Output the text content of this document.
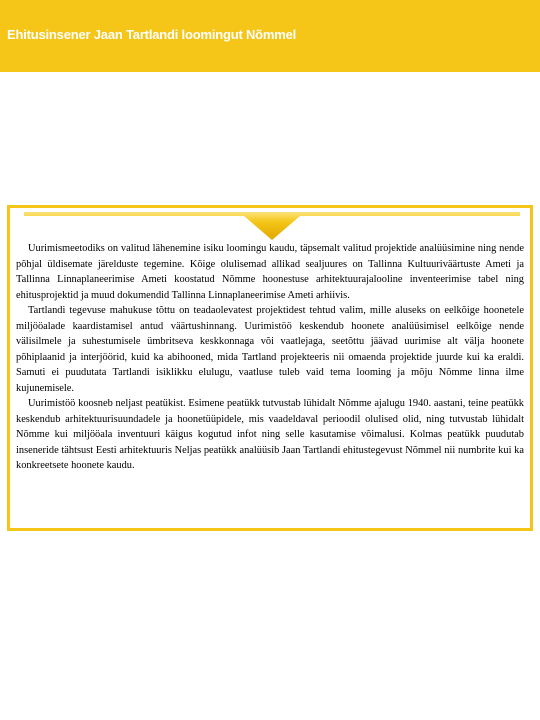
Ehitusinsener Jaan Tartlandi loomingut Nõmmel

Uurimismeetodiks on valitud lähenemine isiku loomingu kaudu, täpsemalt valitud projektide analüüsimine ning nende põhjal üldisemate järelduste tegemine. Kõige olulisemad allikad sealjuures on Tallinna Kultuuriväärtuste Ameti ja Tallinna Linnaplaneerimise Ameti koostatud Nõmme hoonestuse arhitektuurajalooline inventeerimise tabel ning ehitusprojektid ja muud dokumendid Tallinna Linnaplaneerimise Ameti arhiivis.

Tartlandi tegevuse mahukuse tõttu on teadaolevatest projektidest tehtud valim, mille aluseks on eelkõige hoonetele miljööalade kaardistamisel antud väärtushinnang. Uurimistöö keskendub hoonete analüüsimisel eelkõige nende välisilmele ja suhestumisele ümbritseva keskkonnaga või vaatlejaga, seetõttu jäävad uurimise alt välja hoonete põhiplaanid ja interjöörid, kuid ka abihooned, mida Tartland projekteeris nii omaenda projektide juurde kui ka eraldi. Samuti ei puudutata Tartlandi isiklikku elulugu, vaatluse tuleb vaid tema looming ja mõju Nõmme linna ilme kujunemisele.

Uurimistöö koosneb neljast peatükist. Esimene peatükk tutvustab lühidalt Nõmme ajalugu 1940. aastani, teine peatükk keskendub arhitektuurisuundadele ja hoonetüüpidele, mis vaadeldaval perioodil olulised olid, ning tutvustab lühidalt Nõmme kui miljööala inventuuri käigus kogutud infot ning selle kasutamise võimalusi. Kolmas peatükk puudutab inseneride tähtsust Eesti arhitektuuris Neljas peatükk analüüsib Jaan Tartlandi ehitustegevust Nõmmel nii numbrite kui ka konkreetsete hoonete kaudu.
